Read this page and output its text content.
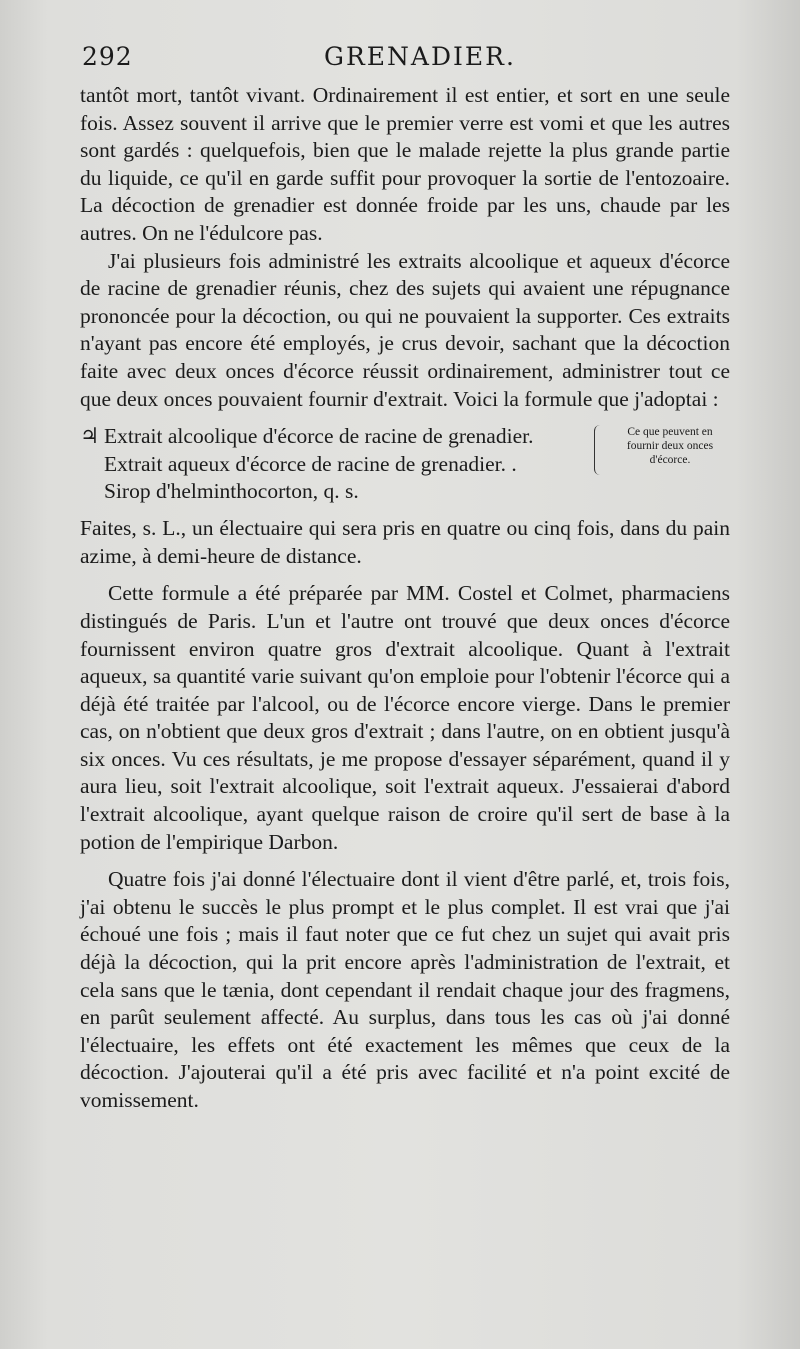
292	GRENADIER.

tantôt mort, tantôt vivant. Ordinairement il est entier, et sort en une seule fois. Assez souvent il arrive que le premier verre est vomi et que les autres sont gardés : quelquefois, bien que le malade rejette la plus grande partie du liquide, ce qu'il en garde suffit pour provoquer la sortie de l'entozoaire. La décoction de grenadier est donnée froide par les uns, chaude par les autres. On ne l'édulcore pas.

J'ai plusieurs fois administré les extraits alcoolique et aqueux d'écorce de racine de grenadier réunis, chez des sujets qui avaient une répugnance prononcée pour la décoction, ou qui ne pouvaient la supporter. Ces extraits n'ayant pas encore été employés, je crus devoir, sachant que la décoction faite avec deux onces d'écorce réussit ordinairement, administrer tout ce que deux onces pouvaient fournir d'extrait. Voici la formule que j'adoptai :

♃ Extrait alcoolique d'écorce de racine de grenadier.
Extrait aqueux d'écorce de racine de grenadier. .
Sirop d'helminthocorton, q. s.
Ce que peuvent en fournir deux onces d'écorce.

Faites, s. L., un électuaire qui sera pris en quatre ou cinq fois, dans du pain azime, à demi-heure de distance.

Cette formule a été préparée par MM. Costel et Colmet, pharmaciens distingués de Paris. L'un et l'autre ont trouvé que deux onces d'écorce fournissent environ quatre gros d'extrait alcoolique. Quant à l'extrait aqueux, sa quantité varie suivant qu'on emploie pour l'obtenir l'écorce qui a déjà été traitée par l'alcool, ou de l'écorce encore vierge. Dans le premier cas, on n'obtient que deux gros d'extrait ; dans l'autre, on en obtient jusqu'à six onces. Vu ces résultats, je me propose d'essayer séparément, quand il y aura lieu, soit l'extrait alcoolique, soit l'extrait aqueux. J'essaierai d'abord l'extrait alcoolique, ayant quelque raison de croire qu'il sert de base à la potion de l'empirique Darbon.

Quatre fois j'ai donné l'électuaire dont il vient d'être parlé, et, trois fois, j'ai obtenu le succès le plus prompt et le plus complet. Il est vrai que j'ai échoué une fois ; mais il faut noter que ce fut chez un sujet qui avait pris déjà la décoction, qui la prit encore après l'administration de l'extrait, et cela sans que le tænia, dont cependant il rendait chaque jour des fragmens, en parût seulement affecté. Au surplus, dans tous les cas où j'ai donné l'électuaire, les effets ont été exactement les mêmes que ceux de la décoction. J'ajouterai qu'il a été pris avec facilité et n'a point excité de vomissement.
